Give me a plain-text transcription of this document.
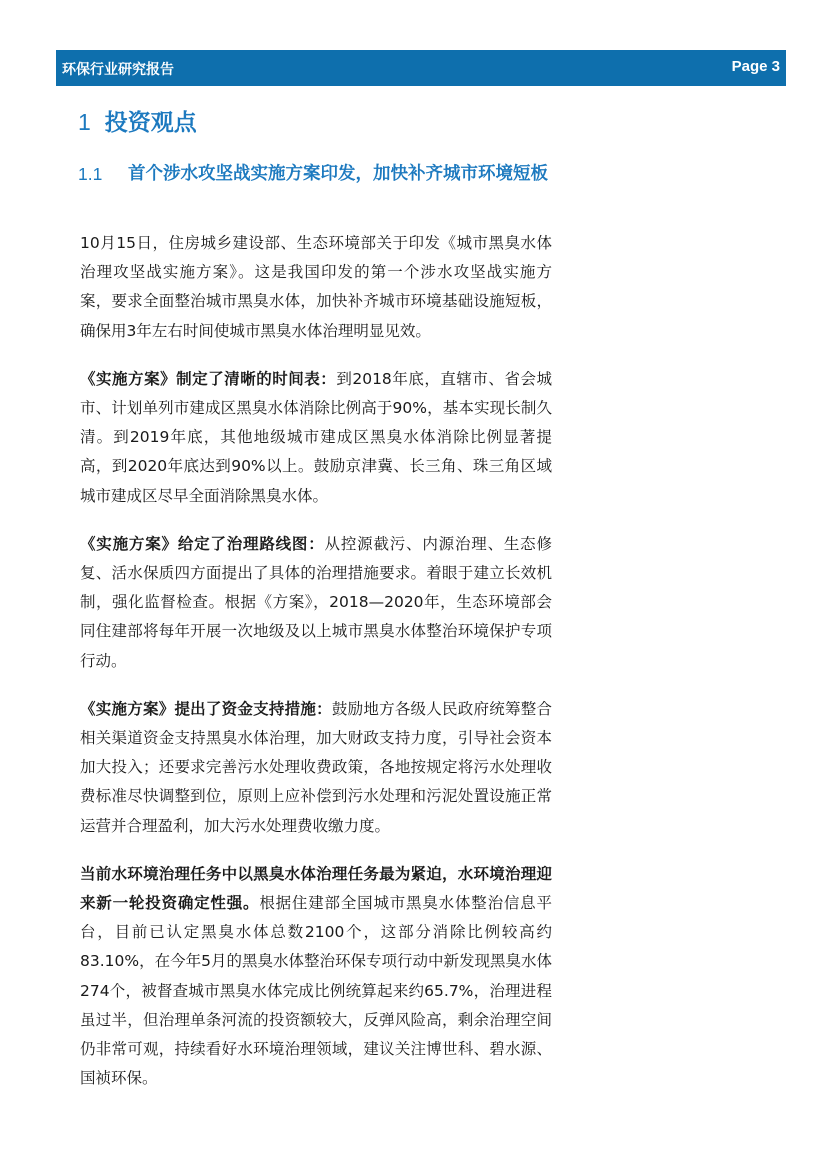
环保行业研究报告	Page 3
1 投资观点
1.1 首个涉水攻坚战实施方案印发，加快补齐城市环境短板

10月15日，住房城乡建设部、生态环境部关于印发《城市黑臭水体治理攻坚战实施方案》。这是我国印发的第一个涉水攻坚战实施方案，要求全面整治城市黑臭水体，加快补齐城市环境基础设施短板，确保用3年左右时间使城市黑臭水体治理明显见效。

《实施方案》制定了清晰的时间表：到2018年底，直辖市、省会城市、计划单列市建成区黑臭水体消除比例高于90%，基本实现长制久清。到2019年底，其他地级城市建成区黑臭水体消除比例显著提高，到2020年底达到90%以上。鼓励京津冀、长三角、珠三角区域城市建成区尽早全面消除黑臭水体。

《实施方案》给定了治理路线图：从控源截污、内源治理、生态修复、活水保质四方面提出了具体的治理措施要求。着眼于建立长效机制，强化监督检查。根据《方案》，2018—2020年，生态环境部会同住建部将每年开展一次地级及以上城市黑臭水体整治环境保护专项行动。

《实施方案》提出了资金支持措施：鼓励地方各级人民政府统筹整合相关渠道资金支持黑臭水体治理，加大财政支持力度，引导社会资本加大投入；还要求完善污水处理收费政策，各地按规定将污水处理收费标准尽快调整到位，原则上应补偿到污水处理和污泥处置设施正常运营并合理盈利，加大污水处理费收缴力度。

当前水环境治理任务中以黑臭水体治理任务最为紧迫，水环境治理迎来新一轮投资确定性强。根据住建部全国城市黑臭水体整治信息平台，目前已认定黑臭水体总数2100个，这部分消除比例较高约83.10%，在今年5月的黑臭水体整治环保专项行动中新发现黑臭水体274个，被督查城市黑臭水体完成比例统算起来约65.7%，治理进程虽过半，但治理单条河流的投资额较大，反弹风险高，剩余治理空间仍非常可观，持续看好水环境治理领域，建议关注博世科、碧水源、国祯环保。
